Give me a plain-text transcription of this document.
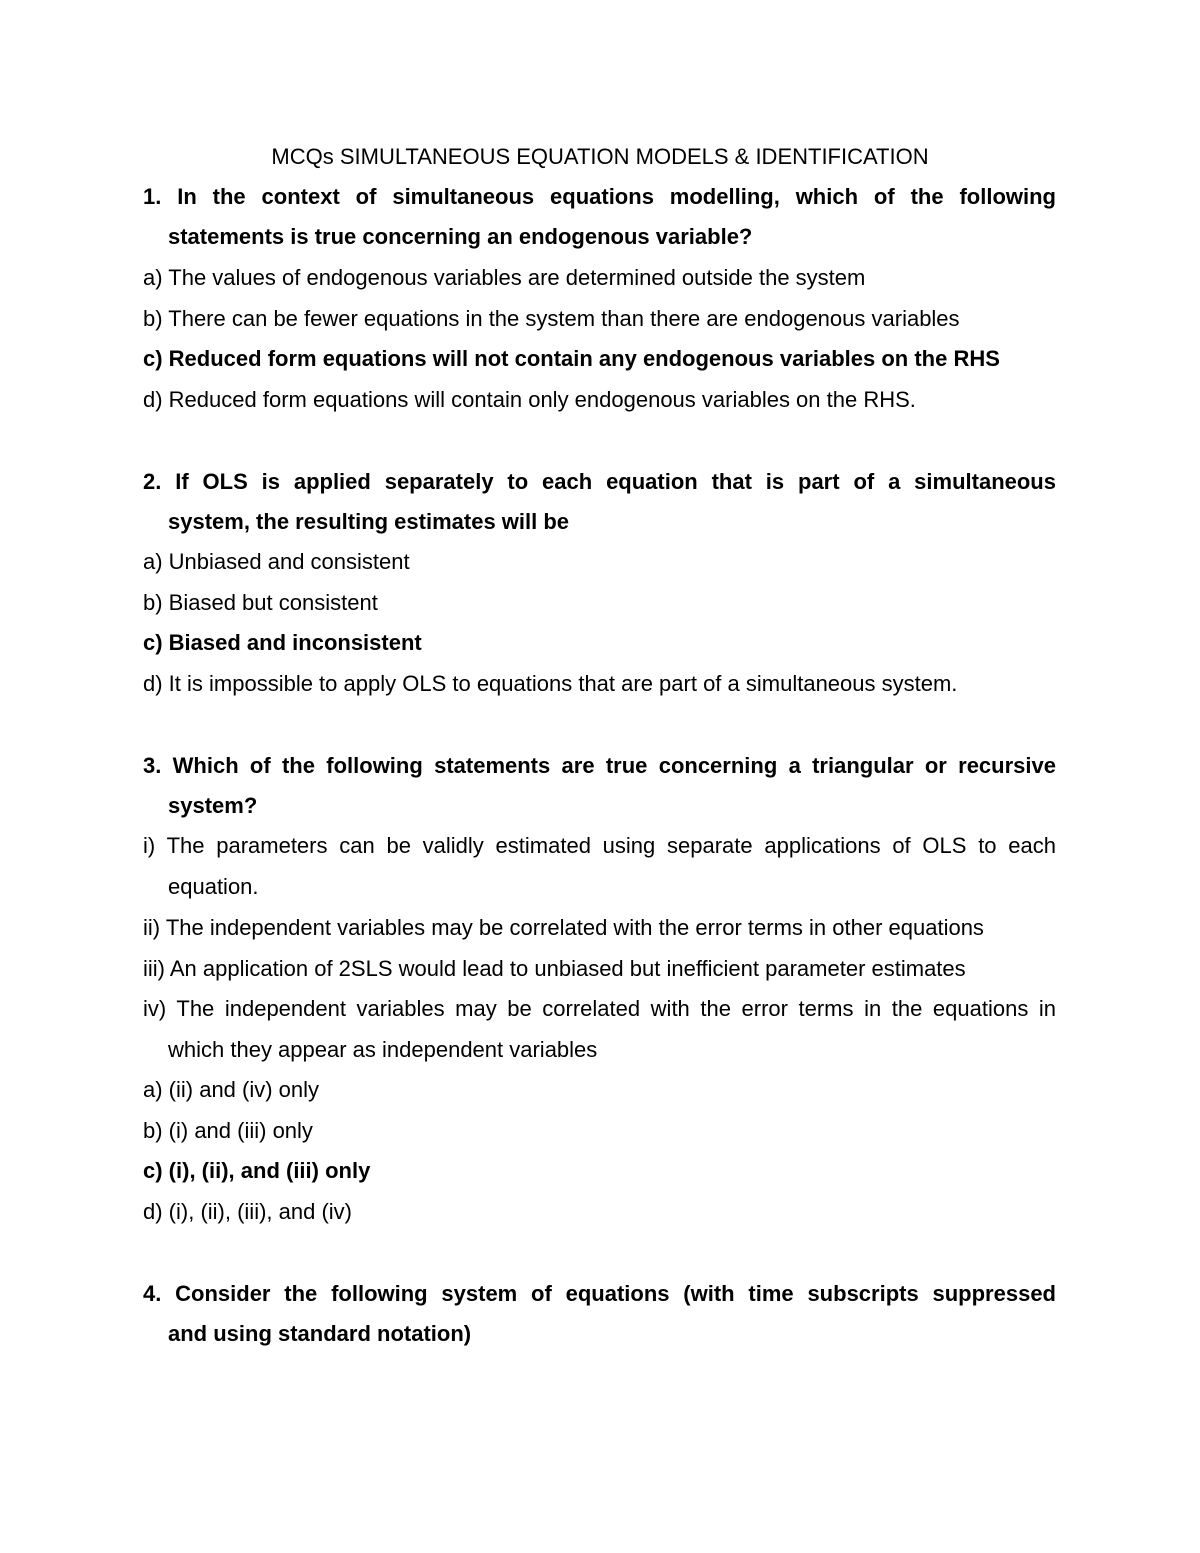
MCQs SIMULTANEOUS EQUATION MODELS & IDENTIFICATION
1. In the context of simultaneous equations modelling, which of the following
statements is true concerning an endogenous variable?
a) The values of endogenous variables are determined outside the system
b) There can be fewer equations in the system than there are endogenous variables
c) Reduced form equations will not contain any endogenous variables on the RHS
d) Reduced form equations will contain only endogenous variables on the RHS.
2. If OLS is applied separately to each equation that is part of a simultaneous
system, the resulting estimates will be
a) Unbiased and consistent
b) Biased but consistent
c) Biased and inconsistent
d) It is impossible to apply OLS to equations that are part of a simultaneous system.
3. Which of the following statements are true concerning a triangular or recursive
system?
i) The parameters can be validly estimated using separate applications of OLS to each
equation.
ii) The independent variables may be correlated with the error terms in other equations
iii) An application of 2SLS would lead to unbiased but inefficient parameter estimates
iv) The independent variables may be correlated with the error terms in the equations in
which they appear as independent variables
a) (ii) and (iv) only
b) (i) and (iii) only
c) (i), (ii), and (iii) only
d) (i), (ii), (iii), and (iv)
4. Consider the following system of equations (with time subscripts suppressed
and using standard notation)
